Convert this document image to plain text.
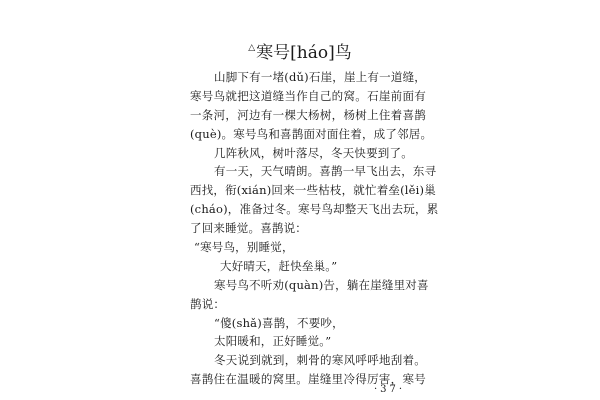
△寒号[háo]鸟
山脚下有一堵(dǔ)石崖，崖上有一道缝，
寒号鸟就把这道缝当作自己的窝。石崖前面有
一条河，河边有一棵大杨树，杨树上住着喜鹊
(què)。寒号鸟和喜鹊面对面住着，成了邻居。
几阵秋风，树叶落尽，冬天快要到了。
有一天，天气晴朗。喜鹊一早飞出去，东寻
西找，衔(xián)回来一些枯枝，就忙着垒(lěi)巢
(cháo)，准备过冬。寒号鸟却整天飞出去玩，累
了回来睡觉。喜鹊说：
“寒号鸟，别睡觉，
大好晴天，赶快垒巢。”
寒号鸟不听劝(quàn)告，躺在崖缝里对喜
鹊说：
“傻(shǎ)喜鹊，不要吵，
太阳暖和，正好睡觉。”
冬天说到就到，刺骨的寒风呼呼地刮着。
喜鹊住在温暖的窝里。崖缝里冷得厉害，寒号
·37·
